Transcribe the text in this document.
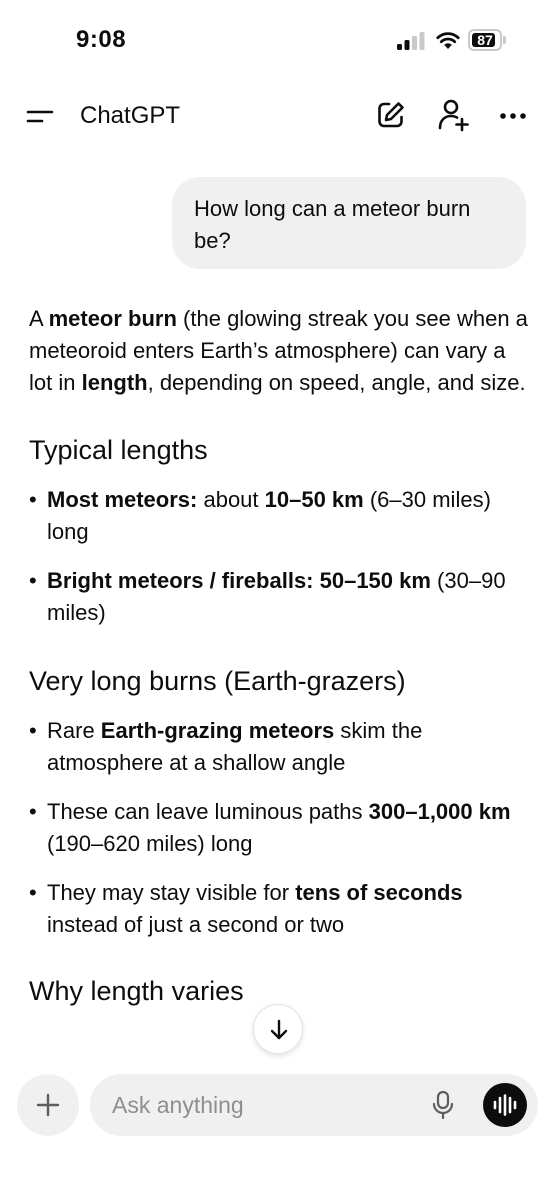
9:08	87
ChatGPT
How long can a meteor burn be?

A meteor burn (the glowing streak you see when a meteoroid enters Earth’s atmosphere) can vary a lot in length, depending on speed, angle, and size.

Typical lengths
• Most meteors: about 10–50 km (6–30 miles) long
• Bright meteors / fireballs: 50–150 km (30–90 miles)
Very long burns (Earth-grazers)
• Rare Earth-grazing meteors skim the atmosphere at a shallow angle
• These can leave luminous paths 300–1,000 km (190–620 miles) long
• They may stay visible for tens of seconds instead of just a second or two
Why length varies
Ask anything
